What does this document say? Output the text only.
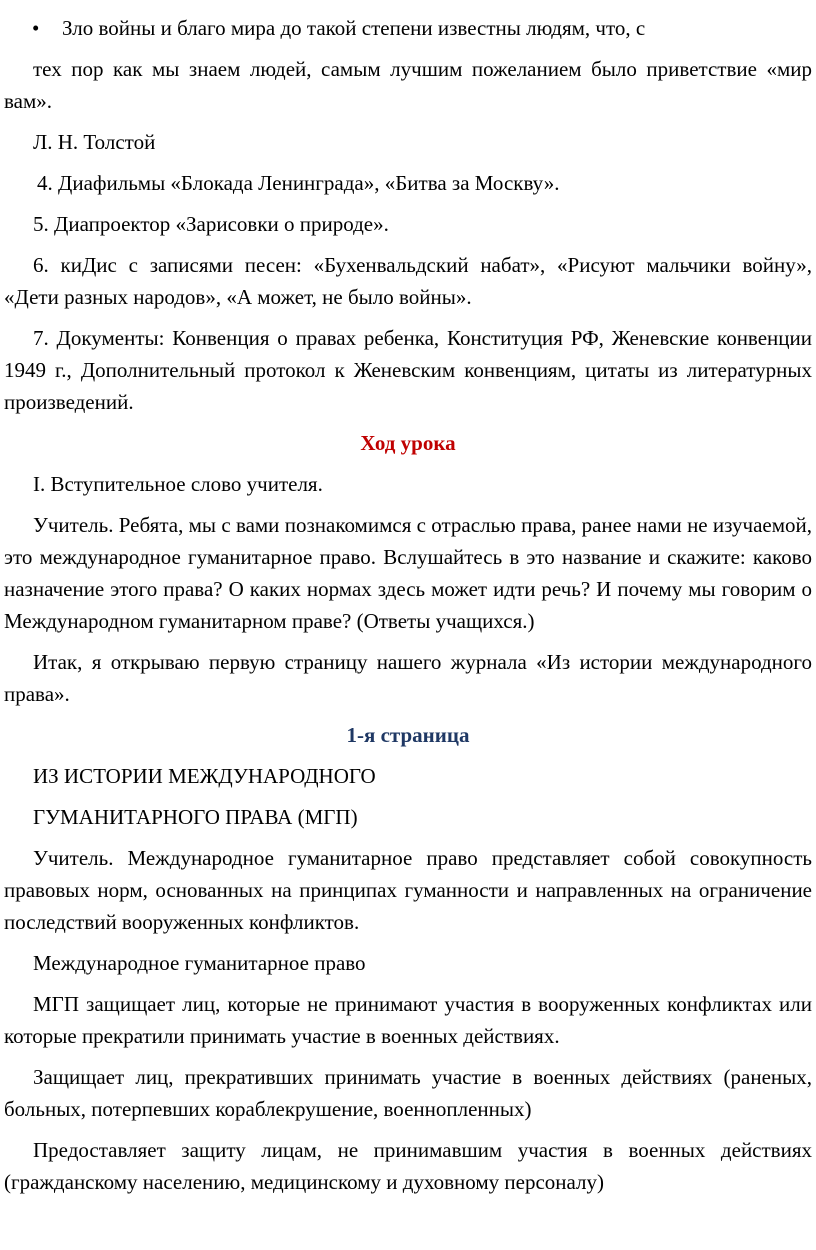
•	Зло войны и благо мира до такой степени известны людям, что, с

тех пор как мы знаем людей, самым лучшим пожеланием было приветствие «мир вам».

Л. Н. Толстой

4. Диафильмы «Блокада Ленинграда», «Битва за Москву».

5. Диапроектор «Зарисовки о природе».

6. киДис с записями песен: «Бухенвальдский набат», «Рисуют мальчики войну», «Дети разных народов», «А может, не было войны».

7. Документы: Конвенция о правах ребенка, Конституция РФ, Женевские конвенции 1949 г., Дополнительный протокол к Женевским конвенциям, цитаты из литературных произведений.

Ход урока

I. Вступительное слово учителя.

Учитель. Ребята, мы с вами познакомимся с отраслью права, ранее нами не изучаемой, это международное гуманитарное право. Вслушайтесь в это название и скажите: каково назначение этого права? О каких нормах здесь может идти речь? И почему мы говорим о Международном гуманитарном праве? (Ответы учащихся.)

Итак, я открываю первую страницу нашего журнала «Из истории международного права».

1-я страница

ИЗ ИСТОРИИ МЕЖДУНАРОДНОГО

ГУМАНИТАРНОГО ПРАВА (МГП)

Учитель. Международное гуманитарное право представляет собой совокупность правовых норм, основанных на принципах гуманности и направленных на ограничение последствий вооруженных конфликтов.

Международное гуманитарное право

МГП защищает лиц, которые не принимают участия в вооруженных конфликтах или которые прекратили принимать участие в военных действиях.

Защищает лиц, прекративших принимать участие в военных действиях (раненых, больных, потерпевших кораблекрушение, военнопленных)

Предоставляет защиту лицам, не принимавшим участия в военных действиях (гражданскому населению, медицинскому и духовному персоналу)
